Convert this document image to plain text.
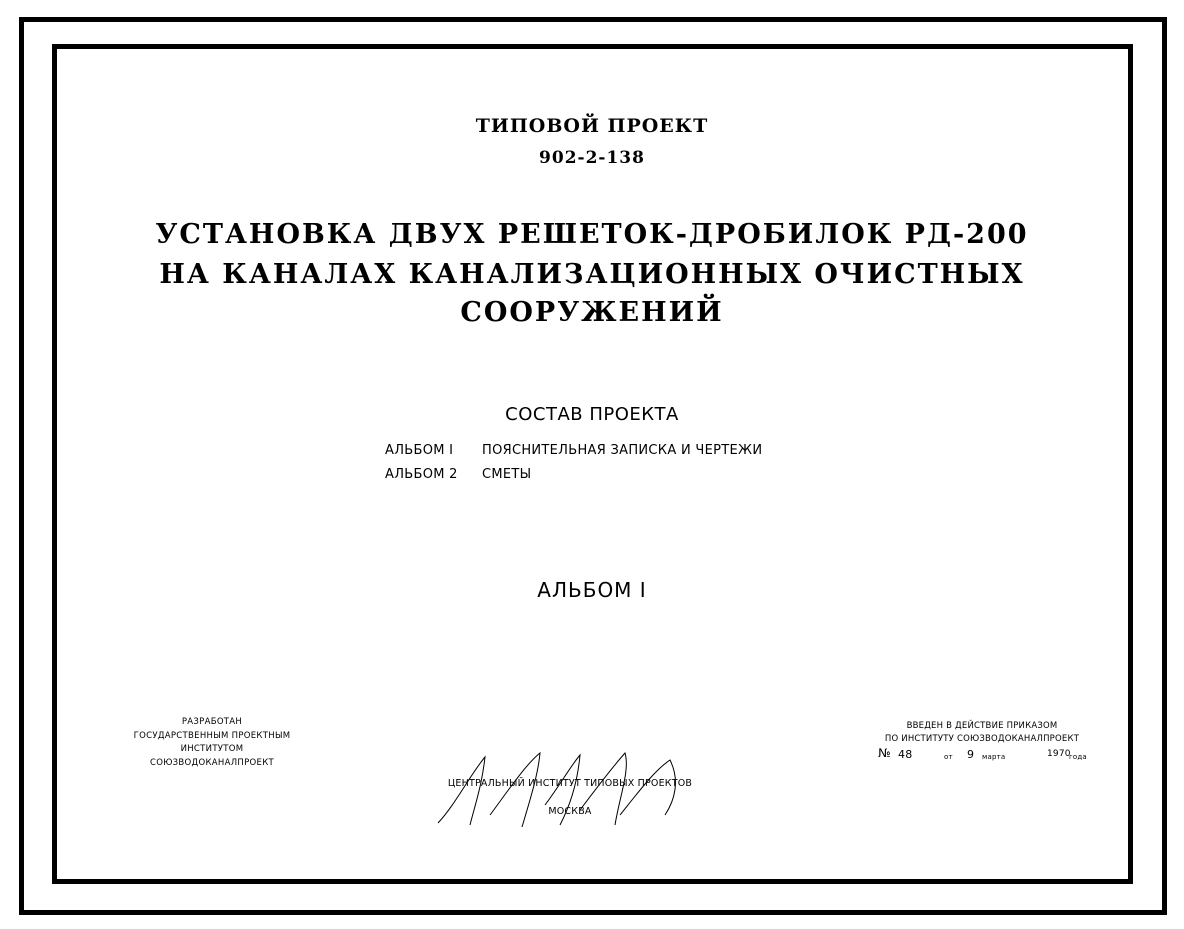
ТИПОВОЙ ПРОЕКТ
902-2-138
УСТАНОВКА ДВУХ РЕШЕТОК-ДРОБИЛОК РД-200
НА КАНАЛАХ КАНАЛИЗАЦИОННЫХ ОЧИСТНЫХ
СООРУЖЕНИЙ
СОСТАВ ПРОЕКТА
АЛЬБОМ I ПОЯСНИТЕЛЬНАЯ ЗАПИСКА И ЧЕРТЕЖИ
АЛЬБОМ 2 СМЕТЫ
АЛЬБОМ I
РАЗРАБОТАН
ГОСУДАРСТВЕННЫМ ПРОЕКТНЫМ
ИНСТИТУТОМ
СОЮЗВОДОКАНАЛПРОЕКТ
ВВЕДЕН В ДЕЙСТВИЕ ПРИКАЗОМ
ПО ИНСТИТУТУ СОЮЗВОДОКАНАЛПРОЕКТ
№ 48	от 9 марта	1970
года
ЦЕНТРАЛЬНЫЙ ИНСТИТУТ ТИПОВЫХ ПРОЕКТОВ
МОСКВА
